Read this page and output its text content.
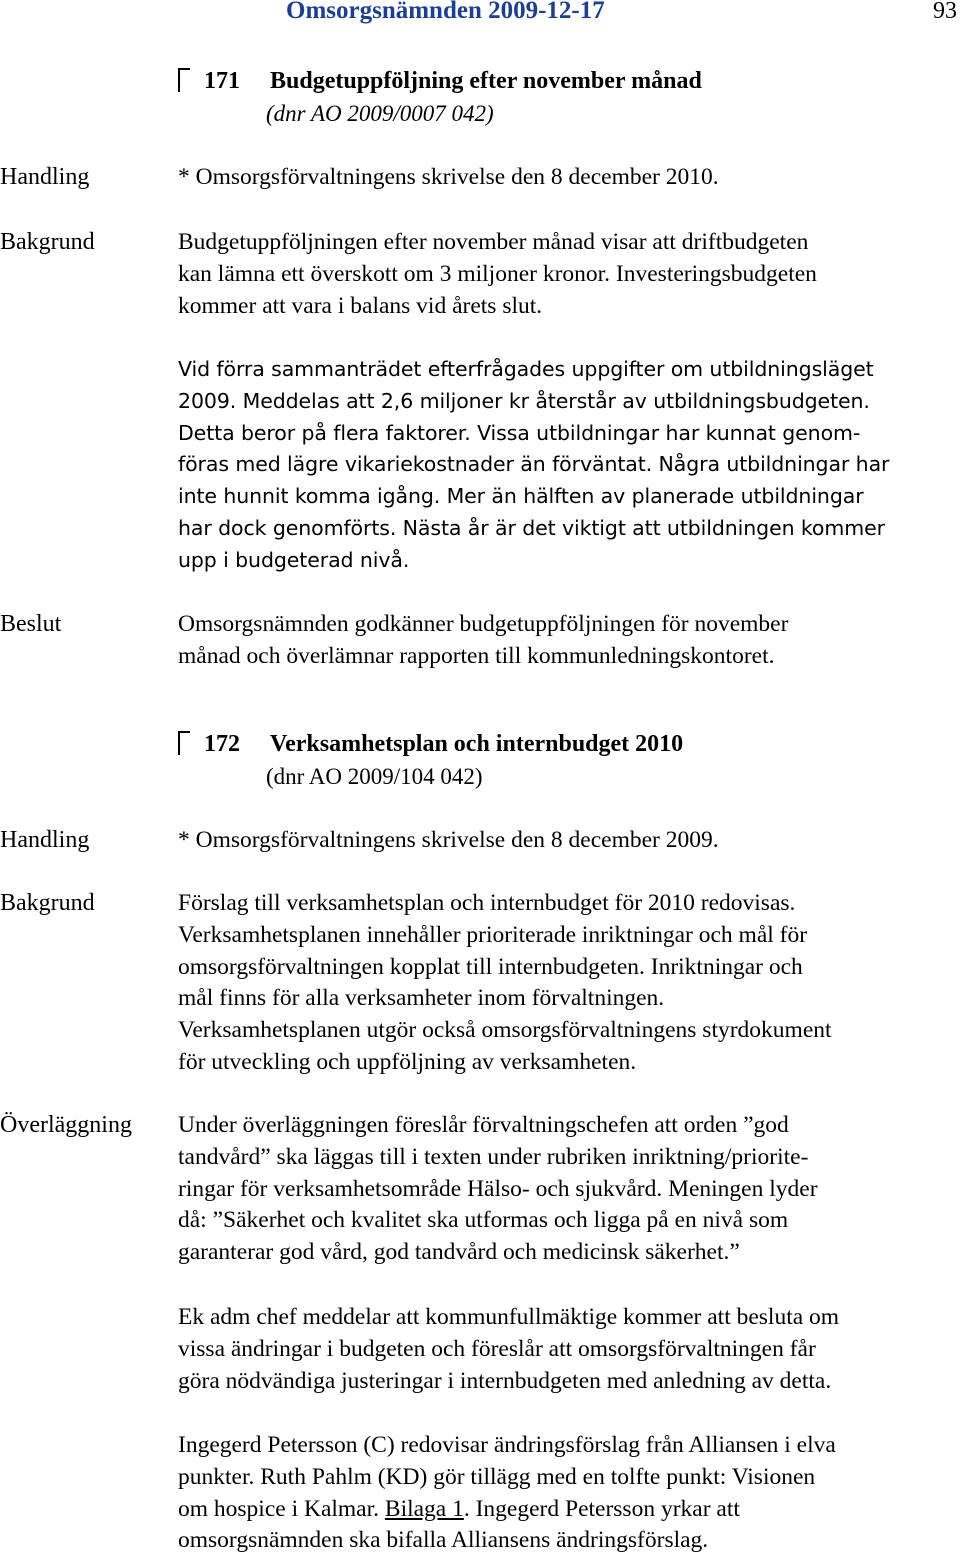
Omsorgsnämnden 2009-12-17	93
171 Budgetuppföljning efter november månad
(dnr AO 2009/0007 042)
Handling	* Omsorgsförvaltningens skrivelse den 8 december 2010.
Bakgrund	Budgetuppföljningen efter november månad visar att driftbudgeten
kan lämna ett överskott om 3 miljoner kronor. Investeringsbudgeten
kommer att vara i balans vid årets slut.
Vid förra sammanträdet efterfrågades uppgifter om utbildningsläget
2009. Meddelas att 2,6 miljoner kr återstår av utbildningsbudgeten.
Detta beror på flera faktorer. Vissa utbildningar har kunnat genom-
föras med lägre vikariekostnader än förväntat. Några utbildningar har
inte hunnit komma igång. Mer än hälften av planerade utbildningar
har dock genomförts. Nästa år är det viktigt att utbildningen kommer
upp i budgeterad nivå.
Beslut	Omsorgsnämnden godkänner budgetuppföljningen för november
månad och överlämnar rapporten till kommunledningskontoret.
172 Verksamhetsplan och internbudget 2010
(dnr AO 2009/104 042)
Handling	* Omsorgsförvaltningens skrivelse den 8 december 2009.
Bakgrund	Förslag till verksamhetsplan och internbudget för 2010 redovisas.
Verksamhetsplanen innehåller prioriterade inriktningar och mål för
omsorgsförvaltningen kopplat till internbudgeten. Inriktningar och
mål finns för alla verksamheter inom förvaltningen.
Verksamhetsplanen utgör också omsorgsförvaltningens styrdokument
för utveckling och uppföljning av verksamheten.
Överläggning Under överläggningen föreslår förvaltningschefen att orden ”god
tandvård” ska läggas till i texten under rubriken inriktning/priorite-
ringar för verksamhetsområde Hälso- och sjukvård. Meningen lyder
då: ”Säkerhet och kvalitet ska utformas och ligga på en nivå som
garanterar god vård, god tandvård och medicinsk säkerhet.”
Ek adm chef meddelar att kommunfullmäktige kommer att besluta om
vissa ändringar i budgeten och föreslår att omsorgsförvaltningen får
göra nödvändiga justeringar i internbudgeten med anledning av detta.
Ingegerd Petersson (C) redovisar ändringsförslag från Alliansen i elva
punkter. Ruth Pahlm (KD) gör tillägg med en tolfte punkt: Visionen
om hospice i Kalmar. Bilaga 1. Ingegerd Petersson yrkar att
omsorgsnämnden ska bifalla Alliansens ändringsförslag.
